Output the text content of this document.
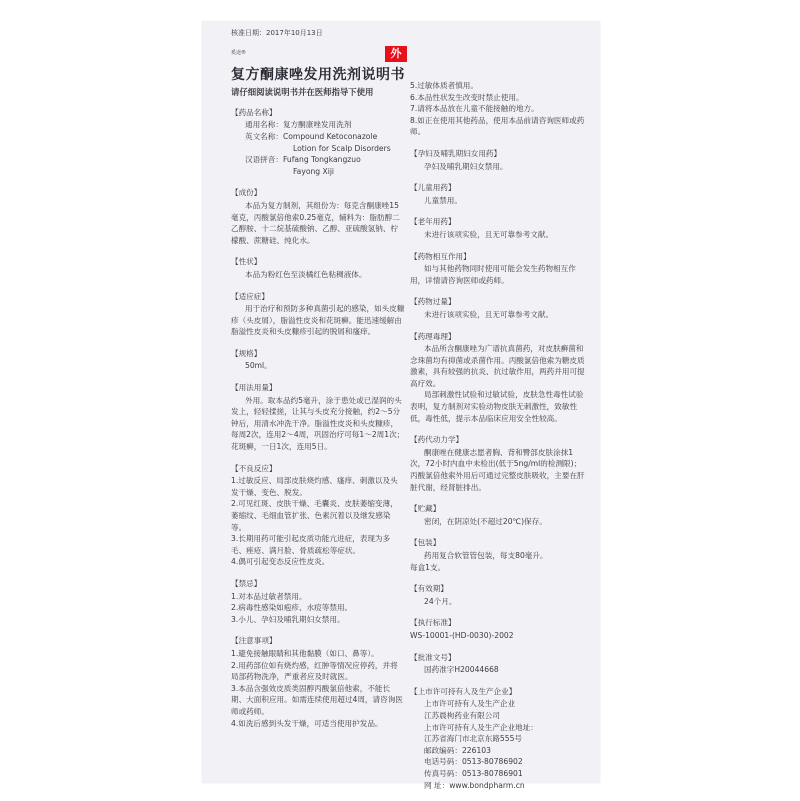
核准日期：2017年10月13日
奚途®	外
复方酮康唑发用洗剂说明书
请仔细阅读说明书并在医师指导下使用
【药品名称】
通用名称：复方酮康唑发用洗剂
英文名称：Compound Ketoconazole
Lotion for Scalp Disorders
汉语拼音：Fufang Tongkangzuo
Fayong Xiji
【成份】
本品为复方制剂，其组份为：每克含酮康唑15毫克，丙酸氯倍他索0.25毫克，辅料为：脂肪醇二乙醇胺、十二烷基硫酸钠、乙醇、亚硫酸氢钠、柠檬酸、蔗糖硅、纯化水。
【性状】
本品为粉红色至淡橘红色粘稠液体。
【适应症】
用于治疗和预防多种真菌引起的感染，如头皮糠疹（头皮屑），脂溢性皮炎和花斑癣。能迅速缓解由脂溢性皮炎和头皮糠疹引起的脱屑和瘙痒。
【规格】
50ml。
【用法用量】
外用。取本品约5毫升，涂于患处或已湿润的头发上，轻轻揉搓，让其与头皮充分接触，约2～5分钟后，用清水冲洗干净。脂溢性皮炎和头皮糠疹，每周2次，连用2～4周，巩固治疗可每1～2周1次；花斑癣，一日1次，连用5日。
【不良反应】
1.过敏反应、局部皮肤烧灼感、瘙痒、刺激以及头发干燥、变色、脱发。
2.可见红斑、皮肤干燥、毛囊炎、皮肤萎缩变薄，萎缩纹、毛细血管扩张、色素沉着以及继发感染等。
3.长期用药可能引起皮质功能亢进症，表现为多毛、痤疮、满月脸、骨质疏松等症状。
4.偶可引起变态反应性皮炎。
【禁忌】
1.对本品过敏者禁用。
2.病毒性感染如疱疹、水痘等禁用。
3.小儿、孕妇及哺乳期妇女禁用。
【注意事项】
1.避免接触眼睛和其他黏膜（如口、鼻等）。
2.用药部位如有烧灼感，红肿等情况应停药，并将局部药物洗净，严重者应及时就医。
3.本品含强效皮质类固醇丙酸氯倍他索，不能长期、大面积应用。如需连续使用超过4周，请咨询医师或药师。
4.如洗后感到头发干燥，可适当使用护发品。
5.过敏体质者慎用。
6.本品性状发生改变时禁止使用。
7.请将本品放在儿童不能接触的地方。
8.如正在使用其他药品，使用本品前请咨询医师或药师。
【孕妇及哺乳期妇女用药】
孕妇及哺乳期妇女禁用。
【儿童用药】
儿童禁用。
【老年用药】
未进行该项实验，且无可靠参考文献。
【药物相互作用】
如与其他药物同时使用可能会发生药物相互作用，详情请咨询医师或药师。
【药物过量】
未进行该项实验，且无可靠参考文献。
【药理毒理】
本品所含酮康唑为广谱抗真菌药，对皮肤癣菌和念珠菌均有抑菌或杀菌作用。丙酸氯倍他索为糖皮质激素，具有较强的抗炎、抗过敏作用，两药并用可提高疗效。
局部刺激性试验和过敏试验，皮肤急性毒性试验表明，复方制剂对实验动物皮肤无刺激性，致敏性低，毒性低，提示本品临床应用安全性较高。
【药代动力学】
酮康唑在健康志愿者胸、背和臀部皮肤涂抹1次，72小时内血中未检出(低于5ng/ml的检测限)；丙酸氯倍他索外用后可通过完整皮肤吸收，主要在肝脏代谢，经肾脏排出。
【贮藏】
密闭，在阴凉处(不超过20℃)保存。
【包装】
药用复合软管管包装，每支80毫升。
每盒1支。
【有效期】
24个月。
【执行标准】
WS-10001-(HD-0030)-2002
【批准文号】
国药准字H20044668
【上市许可持有人及生产企业】
上市许可持有人及生产企业
江苏晨枸药业有限公司
上市许可持有人及生产企业地址：
江苏省海门市北京东路555号
邮政编码：226103
电话号码：0513-80786902
传真号码：0513-80786901
网 址：www.bondpharm.cn
